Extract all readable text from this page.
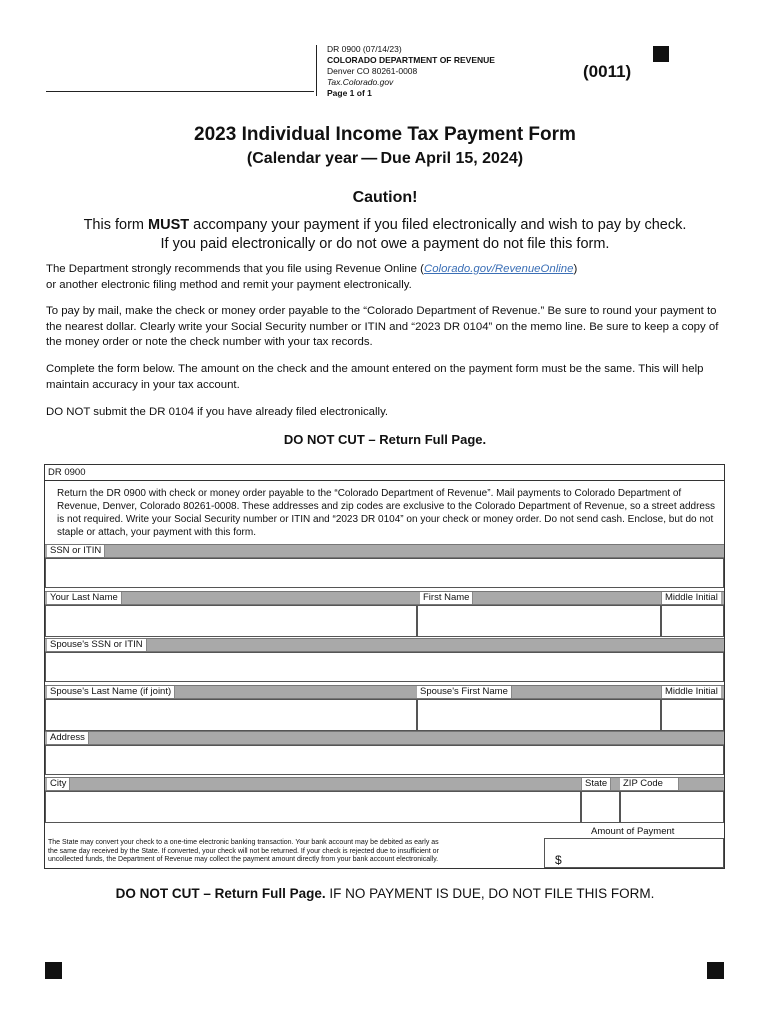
DR 0900 (07/14/23)
COLORADO DEPARTMENT OF REVENUE
Denver CO 80261-0008
Tax.Colorado.gov
Page 1 of 1
(0011)
2023 Individual Income Tax Payment Form
(Calendar year — Due April 15, 2024)
Caution!
This form MUST accompany your payment if you filed electronically and wish to pay by check.
If you paid electronically or do not owe a payment do not file this form.
The Department strongly recommends that you file using Revenue Online (Colorado.gov/RevenueOnline)
or another electronic filing method and remit your payment electronically.
To pay by mail, make the check or money order payable to the “Colorado Department of Revenue.” Be sure to round your payment to the nearest dollar. Clearly write your Social Security number or ITIN and “2023 DR 0104” on the memo line. Be sure to keep a copy of the money order or note the check number with your tax records.
Complete the form below. The amount on the check and the amount entered on the payment form must be the same. This will help maintain accuracy in your tax account.
DO NOT submit the DR 0104 if you have already filed electronically.
DO NOT CUT – Return Full Page.
DR 0900
Return the DR 0900 with check or money order payable to the “Colorado Department of Revenue”. Mail payments to Colorado Department of Revenue, Denver, Colorado 80261-0008. These addresses and zip codes are exclusive to the Colorado Department of Revenue, so a street address is not required. Write your Social Security number or ITIN and “2023 DR 0104” on your check or money order. Do not send cash. Enclose, but do not staple or attach, your payment with this form.
SSN or ITIN
Your Last Name	First Name	Middle Initial
Spouse's SSN or ITIN
Spouse's Last Name (if joint)	Spouse's First Name	Middle Initial
Address
City	State	ZIP Code
Amount of Payment
$
The State may convert your check to a one-time electronic banking transaction. Your bank account may be debited as early as
the same day received by the State. If converted, your check will not be returned. If your check is rejected due to insufficient or
uncollected funds, the Department of Revenue may collect the payment amount directly from your bank account electronically.
DO NOT CUT – Return Full Page. IF NO PAYMENT IS DUE, DO NOT FILE THIS FORM.
